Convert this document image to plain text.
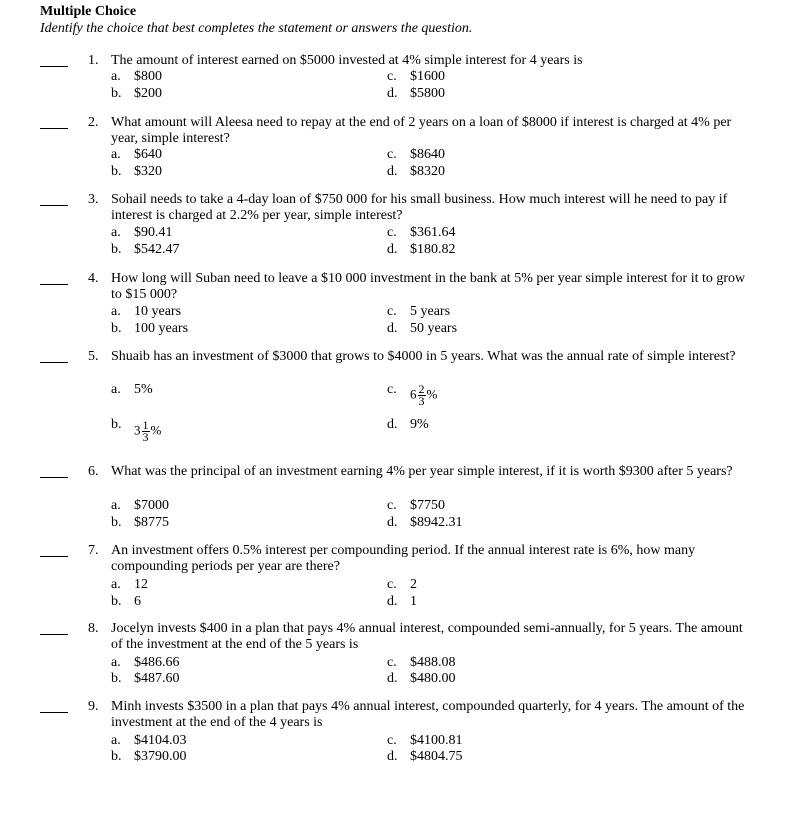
Multiple Choice
Identify the choice that best completes the statement or answers the question.
1. The amount of interest earned on $5000 invested at 4% simple interest for 4 years is
a. $800
b. $200
c. $1600
d. $5800
2. What amount will Aleesa need to repay at the end of 2 years on a loan of $8000 if interest is charged at 4% per year, simple interest?
a. $640
b. $320
c. $8640
d. $8320
3. Sohail needs to take a 4-day loan of $750 000 for his small business. How much interest will he need to pay if interest is charged at 2.2% per year, simple interest?
a. $90.41
b. $542.47
c. $361.64
d. $180.82
4. How long will Suban need to leave a $10 000 investment in the bank at 5% per year simple interest for it to grow to $15 000?
a. 10 years
b. 100 years
c. 5 years
d. 50 years
5. Shuaib has an investment of $3000 that grows to $4000 in 5 years. What was the annual rate of simple interest?
a. 5%
b. $3 \frac{1}{3}$ %
c. $6 \frac{2}{3}$ %
d. 9%
6. What was the principal of an investment earning 4% per year simple interest, if it is worth $9300 after 5 years?
a. $7000
b. $8775
c. $7750
d. $8942.31
7. An investment offers 0.5% interest per compounding period. If the annual interest rate is 6%, how many compounding periods per year are there?
a. 12
b. 6
c. 2
d. 1
8. Jocelyn invests $400 in a plan that pays 4% annual interest, compounded semi-annually, for 5 years. The amount of the investment at the end of the 5 years is
a. $486.66
b. $487.60
c. $488.08
d. $480.00
9. Minh invests $3500 in a plan that pays 4% annual interest, compounded quarterly, for 4 years. The amount of the investment at the end of the 4 years is
a. $4104.03
b. $3790.00
c. $4100.81
d. $4804.75
